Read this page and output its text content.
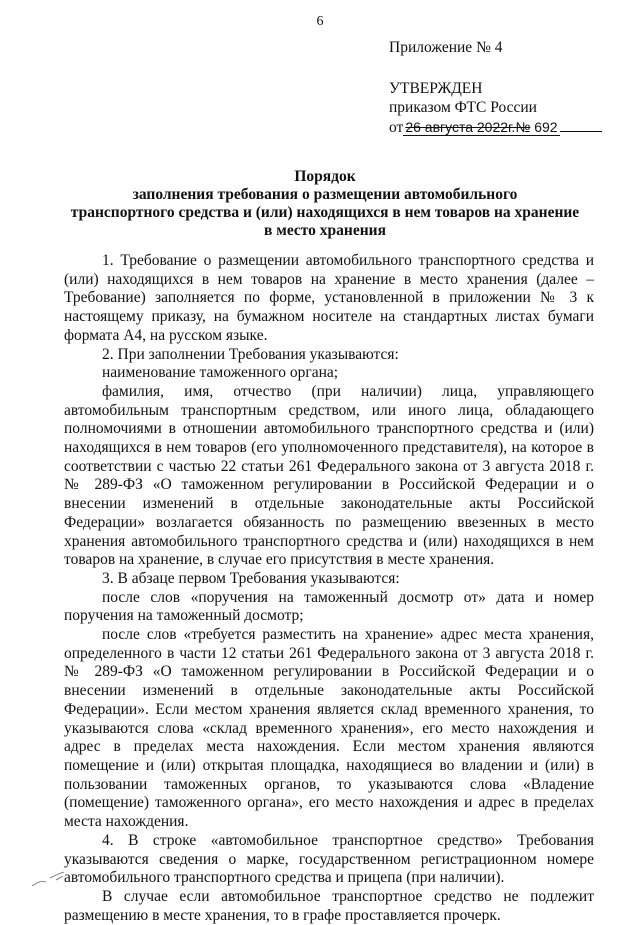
6
Приложение № 4
УТВЕРЖДЕН
приказом ФТС России
от 26 августа 2022г.№ 692
Порядок
заполнения требования о размещении автомобильного
транспортного средства и (или) находящихся в нем товаров на хранение
в место хранения

1. Требование о размещении автомобильного транспортного средства и (или) находящихся в нем товаров на хранение в место хранения (далее – Требование) заполняется по форме, установленной в приложении № 3 к настоящему приказу, на бумажном носителе на стандартных листах бумаги формата А4, на русском языке.

2. При заполнении Требования указываются:

наименование таможенного органа;

фамилия, имя, отчество (при наличии) лица, управляющего автомобильным транспортным средством, или иного лица, обладающего полномочиями в отношении автомобильного транспортного средства и (или) находящихся в нем товаров (его уполномоченного представителя), на которое в соответствии с частью 22 статьи 261 Федерального закона от 3 августа 2018 г. № 289-ФЗ «О таможенном регулировании в Российской Федерации и о внесении изменений в отдельные законодательные акты Российской Федерации» возлагается обязанность по размещению ввезенных в место хранения автомобильного транспортного средства и (или) находящихся в нем товаров на хранение, в случае его присутствия в месте хранения.

3. В абзаце первом Требования указываются:

после слов «поручения на таможенный досмотр от» дата и номер поручения на таможенный досмотр;

после слов «требуется разместить на хранение» адрес места хранения, определенного в части 12 статьи 261 Федерального закона от 3 августа 2018 г. № 289-ФЗ «О таможенном регулировании в Российской Федерации и о внесении изменений в отдельные законодательные акты Российской Федерации». Если местом хранения является склад временного хранения, то указываются слова «склад временного хранения», его место нахождения и адрес в пределах места нахождения. Если местом хранения являются помещение и (или) открытая площадка, находящиеся во владении и (или) в пользовании таможенных органов, то указываются слова «Владение (помещение) таможенного органа», его место нахождения и адрес в пределах места нахождения.

4. В строке «автомобильное транспортное средство» Требования указываются сведения о марке, государственном регистрационном номере автомобильного транспортного средства и прицепа (при наличии).

В случае если автомобильное транспортное средство не подлежит размещению в месте хранения, то в графе проставляется прочерк.
